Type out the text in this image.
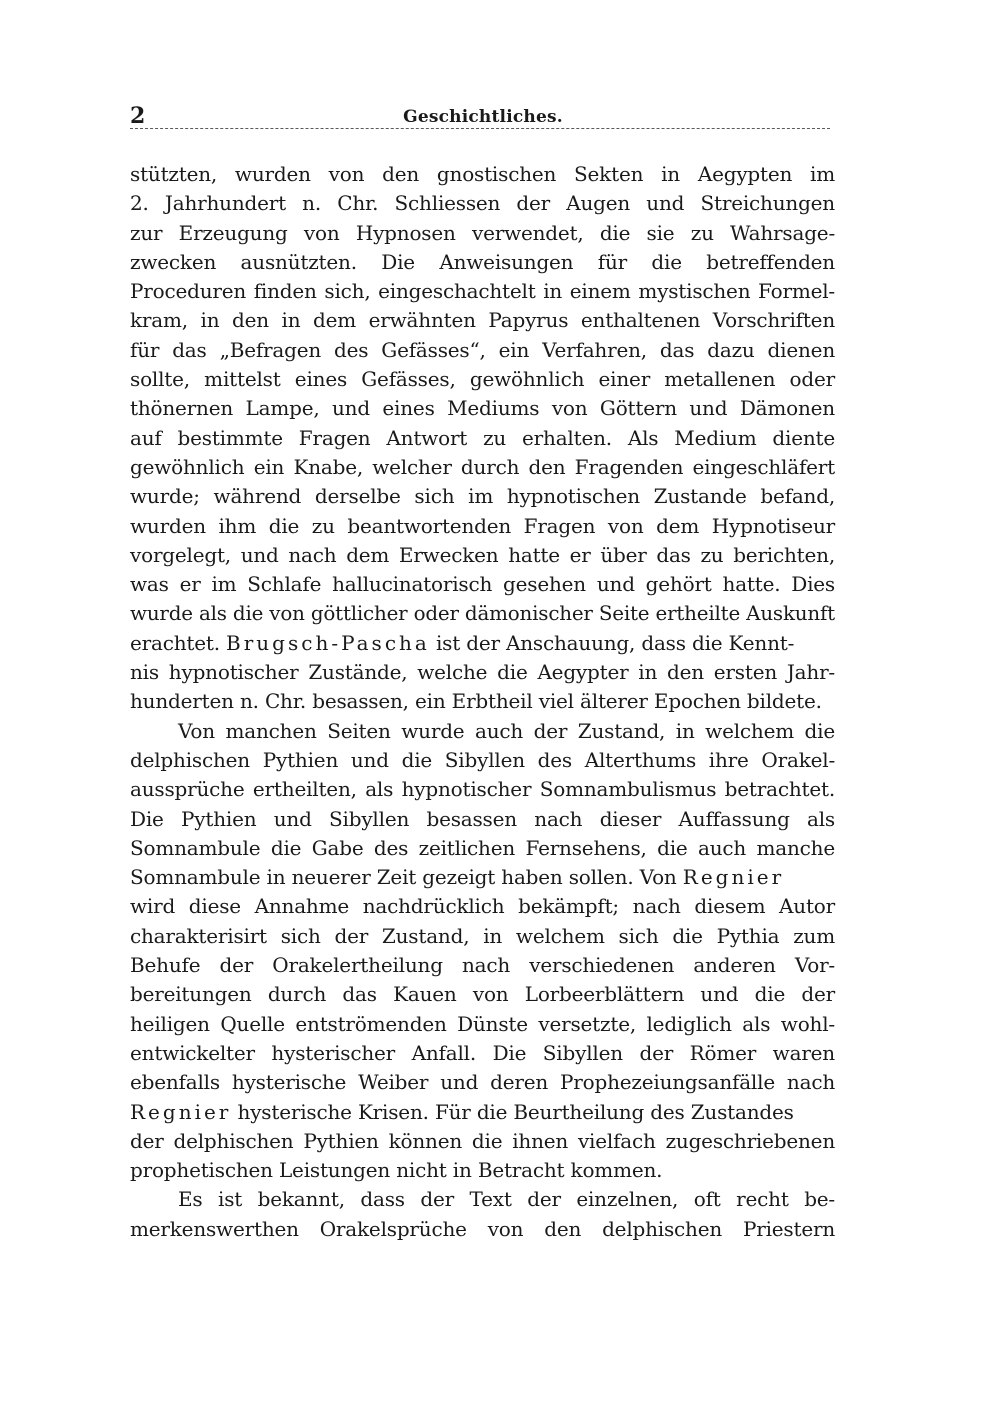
2	Geschichtliches.
stützten, wurden von den gnostischen Sekten in Aegypten im
2. Jahrhundert n. Chr. Schliessen der Augen und Streichungen
zur Erzeugung von Hypnosen verwendet, die sie zu Wahrsage-
zwecken ausnützten. Die Anweisungen für die betreffenden
Proceduren finden sich, eingeschachtelt in einem mystischen Formel-
kram, in den in dem erwähnten Papyrus enthaltenen Vorschriften
für das „Befragen des Gefässes“, ein Verfahren, das dazu dienen
sollte, mittelst eines Gefässes, gewöhnlich einer metallenen oder
thönernen Lampe, und eines Mediums von Göttern und Dämonen
auf bestimmte Fragen Antwort zu erhalten. Als Medium diente
gewöhnlich ein Knabe, welcher durch den Fragenden eingeschläfert
wurde; während derselbe sich im hypnotischen Zustande befand,
wurden ihm die zu beantwortenden Fragen von dem Hypnotiseur
vorgelegt, und nach dem Erwecken hatte er über das zu berichten,
was er im Schlafe hallucinatorisch gesehen und gehört hatte. Dies
wurde als die von göttlicher oder dämonischer Seite ertheilte Auskunft
erachtet. Brugsch-Pascha ist der Anschauung, dass die Kennt-
nis hypnotischer Zustände, welche die Aegypter in den ersten Jahr-
hunderten n. Chr. besassen, ein Erbtheil viel älterer Epochen bildete.
Von manchen Seiten wurde auch der Zustand, in welchem die
delphischen Pythien und die Sibyllen des Alterthums ihre Orakel-
aussprüche ertheilten, als hypnotischer Somnambulismus betrachtet.
Die Pythien und Sibyllen besassen nach dieser Auffassung als
Somnambule die Gabe des zeitlichen Fernsehens, die auch manche
Somnambule in neuerer Zeit gezeigt haben sollen. Von Regnier
wird diese Annahme nachdrücklich bekämpft; nach diesem Autor
charakterisirt sich der Zustand, in welchem sich die Pythia zum
Behufe der Orakelertheilung nach verschiedenen anderen Vor-
bereitungen durch das Kauen von Lorbeerblättern und die der
heiligen Quelle entströmenden Dünste versetzte, lediglich als wohl-
entwickelter hysterischer Anfall. Die Sibyllen der Römer waren
ebenfalls hysterische Weiber und deren Prophezeiungsanfälle nach
Regnier hysterische Krisen. Für die Beurtheilung des Zustandes
der delphischen Pythien können die ihnen vielfach zugeschriebenen
prophetischen Leistungen nicht in Betracht kommen.
Es ist bekannt, dass der Text der einzelnen, oft recht be-
merkenswerthen Orakelsprüche von den delphischen Priestern
